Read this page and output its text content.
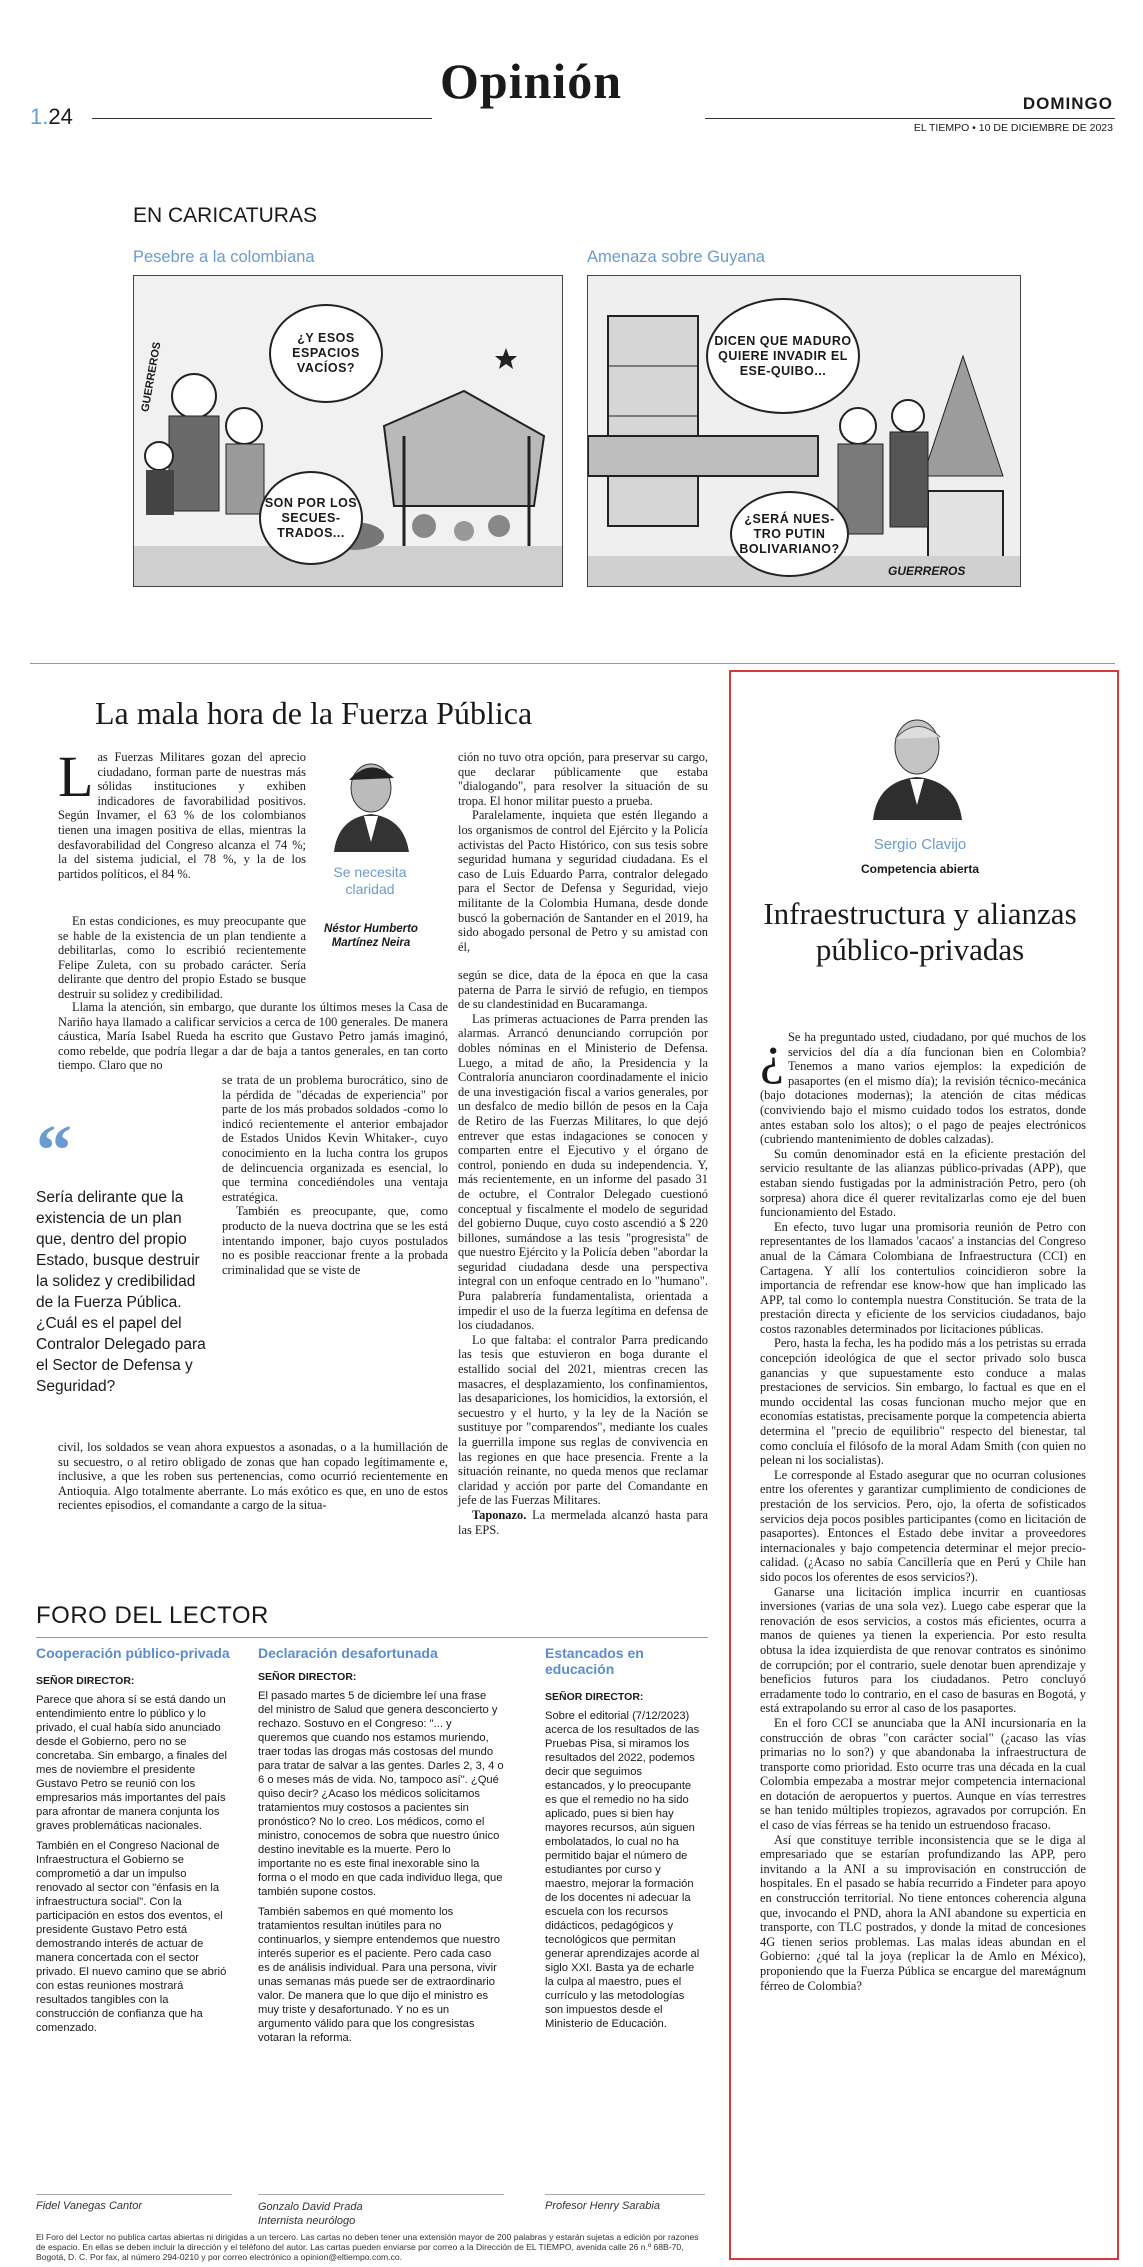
1.24
Opinión	DOMINGO
EL TIEMPO • 10 DE DICIEMBRE DE 2023
EN CARICATURAS
Pesebre a la colombiana
¿Y ESOS ESPACIOS VACÍOS?
SON POR LOS SECUES-TRADOS...
GUERREROS
Amenaza sobre Guyana
DICEN QUE MADURO QUIERE INVADIR EL ESE-QUIBO...
¿SERÁ NUES-TRO PUTIN BOLIVARIANO?
GUERREROS
La mala hora de la Fuerza Pública
L as Fuerzas Militares gozan del aprecio ciudadano, forman parte de nuestras más sólidas instituciones y exhiben indicadores de favorabilidad positivos. Según Invamer, el 63 % de los colombianos tienen una imagen positiva de ellas, mientras la desfavorabilidad del Congreso alcanza el 74 %; la del sistema judicial, el 78 %, y la de los partidos políticos, el 84 %.

En estas condiciones, es muy preocupante que se hable de la existencia de un plan tendiente a debilitarlas, como lo escribió recientemente Felipe Zuleta, con su probado carácter. Sería delirante que dentro del propio Estado se busque destruir su solidez y credibilidad.

Se necesita claridad
Néstor Humberto Martínez Neira

Llama la atención, sin embargo, que durante los últimos meses la Casa de Nariño haya llamado a calificar servicios a cerca de 100 generales. De manera cáustica, María Isabel Rueda ha escrito que Gustavo Petro jamás imaginó, como rebelde, que podría llegar a dar de baja a tantos generales, en tan corto tiempo. Claro que no

“
Sería delirante que la existencia de un plan que, dentro del propio Estado, busque destruir la solidez y credibilidad de la Fuerza Pública. ¿Cuál es el papel del Contralor Delegado para el Sector de Defensa y Seguridad?

se trata de un problema burocrático, sino de la pérdida de "décadas de experiencia" por parte de los más probados soldados -como lo indicó recientemente el anterior embajador de Estados Unidos Kevin Whitaker-, cuyo conocimiento en la lucha contra los grupos de delincuencia organizada es esencial, lo que termina concediéndoles una ventaja estratégica.

También es preocupante, que, como producto de la nueva doctrina que se les está intentando imponer, bajo cuyos postulados no es posible reaccionar frente a la probada criminalidad que se viste de

civil, los soldados se vean ahora expuestos a asonadas, o a la humillación de su secuestro, o al retiro obligado de zonas que han copado legítimamente e, inclusive, a que les roben sus pertenencias, como ocurrió recientemente en Antioquia. Algo totalmente aberrante. Lo más exótico es que, en uno de estos recientes episodios, el comandante a cargo de la situa-

ción no tuvo otra opción, para preservar su cargo, que declarar públicamente que estaba "dialogando", para resolver la situación de su tropa. El honor militar puesto a prueba.

Paralelamente, inquieta que estén llegando a los organismos de control del Ejército y la Policía activistas del Pacto Histórico, con sus tesis sobre seguridad humana y seguridad ciudadana. Es el caso de Luis Eduardo Parra, contralor delegado para el Sector de Defensa y Seguridad, viejo militante de la Colombia Humana, desde donde buscó la gobernación de Santander en el 2019, ha sido abogado personal de Petro y su amistad con él,

según se dice, data de la época en que la casa paterna de Parra le sirvió de refugio, en tiempos de su clandestinidad en Bucaramanga.

Las primeras actuaciones de Parra prenden las alarmas. Arrancó denunciando corrupción por dobles nóminas en el Ministerio de Defensa. Luego, a mitad de año, la Presidencia y la Contraloría anunciaron coordinadamente el inicio de una investigación fiscal a varios generales, por un desfalco de medio billón de pesos en la Caja de Retiro de las Fuerzas Militares, lo que dejó entrever que estas indagaciones se conocen y comparten entre el Ejecutivo y el órgano de control, poniendo en duda su independencia. Y, más recientemente, en un informe del pasado 31 de octubre, el Contralor Delegado cuestionó conceptual y fiscalmente el modelo de seguridad del gobierno Duque, cuyo costo ascendió a $ 220 billones, sumándose a las tesis "progresista" de que nuestro Ejército y la Policía deben "abordar la seguridad ciudadana desde una perspectiva integral con un enfoque centrado en lo "humano". Pura palabrería fundamentalista, orientada a impedir el uso de la fuerza legítima en defensa de los ciudadanos.

Lo que faltaba: el contralor Parra predicando las tesis que estuvieron en boga durante el estallido social del 2021, mientras crecen las masacres, el desplazamiento, los confinamientos, las desapariciones, los homicidios, la extorsión, el secuestro y el hurto, y la ley de la Nación se sustituye por "comparendos", mediante los cuales la guerrilla impone sus reglas de convivencia en las regiones en que hace presencia. Frente a la situación reinante, no queda menos que reclamar claridad y acción por parte del Comandante en jefe de las Fuerzas Militares.

Taponazo. La mermelada alcanzó hasta para las EPS.

FORO DEL LECTOR
Cooperación público-privada
SEÑOR DIRECTOR:
Parece que ahora sí se está dando un entendimiento entre lo público y lo privado, el cual había sido anunciado desde el Gobierno, pero no se concretaba. Sin embargo, a finales del mes de noviembre el presidente Gustavo Petro se reunió con los empresarios más importantes del país para afrontar de manera conjunta los graves problemáticas nacionales.
También en el Congreso Nacional de Infraestructura el Gobierno se comprometió a dar un impulso renovado al sector con "énfasis en la infraestructura social". Con la participación en estos dos eventos, el presidente Gustavo Petro está demostrando interés de actuar de manera concertada con el sector privado. El nuevo camino que se abrió con estas reuniones mostrará resultados tangibles con la construcción de confianza que ha comenzado.
Fidel Vanegas Cantor
Declaración desafortunada
SEÑOR DIRECTOR:
El pasado martes 5 de diciembre leí una frase del ministro de Salud que genera desconcierto y rechazo. Sostuvo en el Congreso: "... y queremos que cuando nos estamos muriendo, traer todas las drogas más costosas del mundo para tratar de salvar a las gentes. Darles 2, 3, 4 o 6 o meses más de vida. No, tampoco así". ¿Qué quiso decir? ¿Acaso los médicos solicitamos tratamientos muy costosos a pacientes sin pronóstico? No lo creo. Los médicos, como el ministro, conocemos de sobra que nuestro único destino inevitable es la muerte. Pero lo importante no es este final inexorable sino la forma o el modo en que cada individuo llega, que también supone costos.
También sabemos en qué momento los tratamientos resultan inútiles para no continuarlos, y siempre entendemos que nuestro interés superior es el paciente. Pero cada caso es de análisis individual. Para una persona, vivir unas semanas más puede ser de extraordinario valor. De manera que lo que dijo el ministro es muy triste y desafortunado. Y no es un argumento válido para que los congresistas votaran la reforma.
Gonzalo David Prada Internista neurólogo
Estancados en educación
SEÑOR DIRECTOR:
Sobre el editorial (7/12/2023) acerca de los resultados de las Pruebas Pisa, si miramos los resultados del 2022, podemos decir que seguimos estancados, y lo preocupante es que el remedio no ha sido aplicado, pues si bien hay mayores recursos, aún siguen embolatados, lo cual no ha permitido bajar el número de estudiantes por curso y maestro, mejorar la formación de los docentes ni adecuar la escuela con los recursos didácticos, pedagógicos y tecnológicos que permitan generar aprendizajes acorde al siglo XXI. Basta ya de echarle la culpa al maestro, pues el currículo y las metodologías son impuestos desde el Ministerio de Educación.
Profesor Henry Sarabia
El Foro del Lector no publica cartas abiertas ni dirigidas a un tercero. Las cartas no deben tener una extensión mayor de 200 palabras y estarán sujetas a edición por razones de espacio. En ellas se deben incluir la dirección y el teléfono del autor. Las cartas pueden enviarse por correo a la Dirección de EL TIEMPO, avenida calle 26 n.º 68B-70, Bogotá, D. C. Por fax, al número 294-0210 y por correo electrónico a opinion@eltiempo.com.co.
Sergio Clavijo
Competencia abierta
Infraestructura y alianzas público-privadas
¿ Se ha preguntado usted, ciudadano, por qué muchos de los servicios del día a día funcionan bien en Colombia? Tenemos a mano varios ejemplos: la expedición de pasaportes (en el mismo día); la revisión técnico-mecánica (bajo dotaciones modernas); la atención de citas médicas (conviviendo bajo el mismo cuidado todos los estratos, donde antes estaban solo los altos); o el pago de peajes electrónicos (cubriendo mantenimiento de dobles calzadas).

Su común denominador está en la eficiente prestación del servicio resultante de las alianzas público-privadas (APP), que estaban siendo fustigadas por la administración Petro, pero (oh sorpresa) ahora dice él querer revitalizarlas como eje del buen funcionamiento del Estado.

En efecto, tuvo lugar una promisoria reunión de Petro con representantes de los llamados 'cacaos' a instancias del Congreso anual de la Cámara Colombiana de Infraestructura (CCI) en Cartagena. Y allí los contertulios coincidieron sobre la importancia de refrendar ese know-how que han implicado las APP, tal como lo contempla nuestra Constitución. Se trata de la prestación directa y eficiente de los servicios ciudadanos, bajo costos razonables determinados por licitaciones públicas.

Pero, hasta la fecha, les ha podido más a los petristas su errada concepción ideológica de que el sector privado solo busca ganancias y que supuestamente esto conduce a malas prestaciones de servicios. Sin embargo, lo factual es que en el mundo occidental las cosas funcionan mucho mejor que en economías estatistas, precisamente porque la competencia abierta determina el "precio de equilibrio" respecto del bienestar, tal como concluía el filósofo de la moral Adam Smith (con quien no pelean ni los socialistas).

Le corresponde al Estado asegurar que no ocurran colusiones entre los oferentes y garantizar cumplimiento de condiciones de prestación de los servicios. Pero, ojo, la oferta de sofisticados servicios deja pocos posibles participantes (como en licitación de pasaportes). Entonces el Estado debe invitar a proveedores internacionales y bajo competencia determinar el mejor precio-calidad. (¿Acaso no sabía Cancillería que en Perú y Chile han sido pocos los oferentes de esos servicios?).

Ganarse una licitación implica incurrir en cuantiosas inversiones (varias de una sola vez). Luego cabe esperar que la renovación de esos servicios, a costos más eficientes, ocurra a manos de quienes ya tienen la experiencia. Por esto resulta obtusa la idea izquierdista de que renovar contratos es sinónimo de corrupción; por el contrario, suele denotar buen aprendizaje y beneficios futuros para los ciudadanos. Petro concluyó erradamente todo lo contrario, en el caso de basuras en Bogotá, y está extrapolando su error al caso de los pasaportes.

En el foro CCI se anunciaba que la ANI incursionaría en la construcción de obras "con carácter social" (¿acaso las vías primarias no lo son?) y que abandonaba la infraestructura de transporte como prioridad. Esto ocurre tras una década en la cual Colombia empezaba a mostrar mejor competencia internacional en dotación de aeropuertos y puertos. Aunque en vías terrestres se han tenido múltiples tropiezos, agravados por corrupción. En el caso de vías férreas se ha tenido un estruendoso fracaso.

Así que constituye terrible inconsistencia que se le diga al empresariado que se estarían profundizando las APP, pero invitando a la ANI a su improvisación en construcción de hospitales. En el pasado se había recurrido a Findeter para apoyo en construcción territorial. No tiene entonces coherencia alguna que, invocando el PND, ahora la ANI abandone su experticia en transporte, con TLC postrados, y donde la mitad de concesiones 4G tienen serios problemas. Las malas ideas abundan en el Gobierno: ¿qué tal la joya (replicar la de Amlo en México), proponiendo que la Fuerza Pública se encargue del mareмágnum férreo de Colombia?
